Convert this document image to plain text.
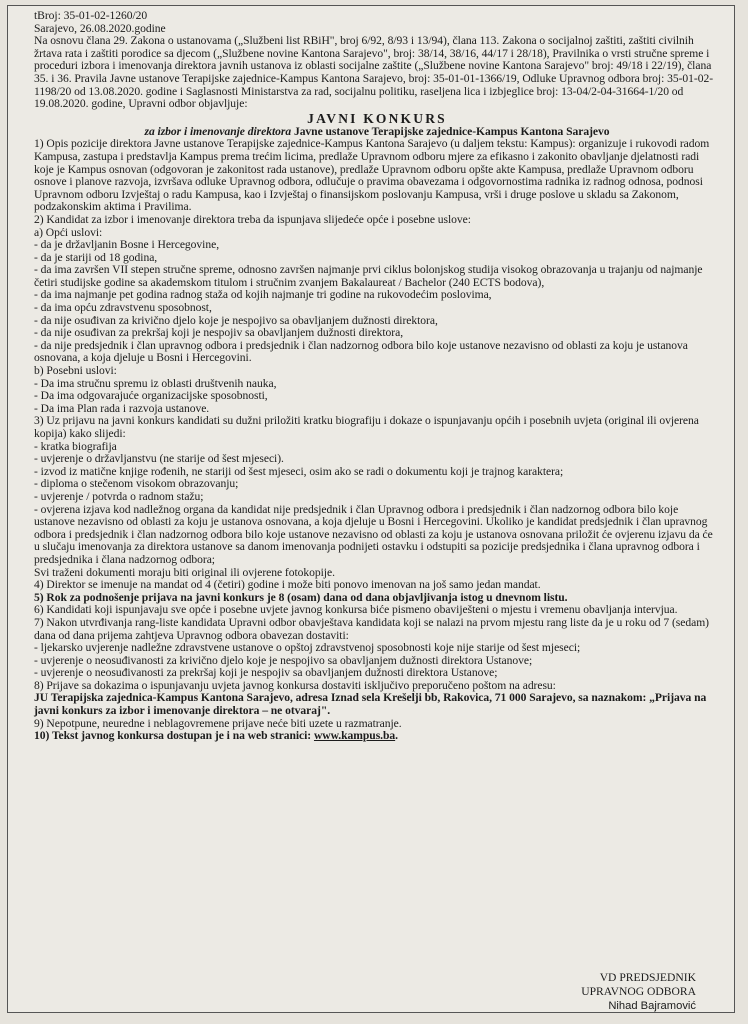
tBroj: 35-01-02-1260/20

Sarajevo, 26.08.2020.godine

Na osnovu člana 29. Zakona o ustanovama („Službeni list RBiH", broj 6/92, 8/93 i 13/94), člana 113. Zakona o socijalnoj zaštiti, zaštiti civilnih žrtava rata i zaštiti porodice sa djecom („Službene novine Kantona Sarajevo", broj: 38/14, 38/16, 44/17 i 28/18), Pravilnika o vrsti stručne spreme i proceduri izbora i imenovanja direktora javnih ustanova iz oblasti socijalne zaštite („Službene novine Kantona Sarajevo" broj: 49/18 i 22/19), člana 35. i 36. Pravila Javne ustanove Terapijske zajednice-Kampus Kantona Sarajevo, broj: 35-01-01-1366/19, Odluke Upravnog odbora broj: 35-01-02-1198/20 od 13.08.2020. godine i Saglasnosti Ministarstva za rad, socijalnu politiku, raseljena lica i izbjeglice broj: 13-04/2-04-31664-1/20 od 19.08.2020. godine, Upravni odbor objavljuje:

JAVNI KONKURS

za izbor i imenovanje direktora Javne ustanove Terapijske zajednice-Kampus Kantona Sarajevo

1) Opis pozicije direktora Javne ustanove Terapijske zajednice-Kampus Kantona Sarajevo (u daljem tekstu: Kampus): organizuje i rukovodi radom Kampusa, zastupa i predstavlja Kampus prema trećim licima, predlaže Upravnom odboru mjere za efikasno i zakonito obavljanje djelatnosti radi koje je Kampus osnovan (odgovoran je zakonitost rada ustanove), predlaže Upravnom odboru opšte akte Kampusa, predlaže Upravnom odboru osnove i planove razvoja, izvršava odluke Upravnog odbora, odlučuje o pravima obavezama i odgovornostima radnika iz radnog odnosa, podnosi Upravnom odboru Izvještaj o radu Kampusa, kao i Izvještaj o finansijskom poslovanju Kampusa, vrši i druge poslove u skladu sa Zakonom, podzakonskim aktima i Pravilima.

2) Kandidat za izbor i imenovanje direktora treba da ispunjava slijedeće opće i posebne uslove:

a) Opći uslovi:

- da je državljanin Bosne i Hercegovine,

- da je stariji od 18 godina,

- da ima završen VII stepen stručne spreme, odnosno završen najmanje prvi ciklus bolonjskog studija visokog obrazovanja u trajanju od najmanje četiri studijske godine sa akademskom titulom i stručnim zvanjem Bakalaureat / Bachelor (240 ECTS bodova),

- da ima najmanje pet godina radnog staža od kojih najmanje tri godine na rukovodećim poslovima,

- da ima opću zdravstvenu sposobnost,

- da nije osuđivan za krivično djelo koje je nespojivo sa obavljanjem dužnosti direktora,

- da nije osuđivan za prekršaj koji je nespojiv sa obavljanjem dužnosti direktora,

- da nije predsjednik i član upravnog odbora i predsjednik i član nadzornog odbora bilo koje ustanove nezavisno od oblasti za koju je ustanova osnovana, a koja djeluje u Bosni i Hercegovini.

b) Posebni uslovi:

- Da ima stručnu spremu iz oblasti društvenih nauka,

- Da ima odgovarajuće organizacijske sposobnosti,

- Da ima Plan rada i razvoja ustanove.

3) Uz prijavu na javni konkurs kandidati su dužni priložiti kratku biografiju i dokaze o ispunjavanju općih i posebnih uvjeta (original ili ovjerena kopija) kako slijedi:

- kratka biografija

- uvjerenje o državljanstvu (ne starije od šest mjeseci).

- izvod iz matične knjige rođenih, ne stariji od šest mjeseci, osim ako se radi o dokumentu koji je trajnog karaktera;

- diploma o stečenom visokom obrazovanju;

- uvjerenje / potvrda o radnom stažu;

- ovjerena izjava kod nadležnog organa da kandidat nije predsjednik i član Upravnog odbora i predsjednik i član nadzornog odbora bilo koje ustanove nezavisno od oblasti za koju je ustanova osnovana, a koja djeluje u Bosni i Hercegovini. Ukoliko je kandidat predsjednik i član upravnog odbora i predsjednik i član nadzornog odbora bilo koje ustanove nezavisno od oblasti za koju je ustanova osnovana priložit će ovjerenu izjavu da će u slučaju imenovanja za direktora ustanove sa danom imenovanja podnijeti ostavku i odstupiti sa pozicije predsjednika i člana upravnog odbora i predsjednika i člana nadzornog odbora;

Svi traženi dokumenti moraju biti original ili ovjerene fotokopije.

4) Direktor se imenuje na mandat od 4 (četiri) godine i može biti ponovo imenovan na još samo jedan mandat.

5) Rok za podnošenje prijava na javni konkurs je 8 (osam) dana od dana objavljivanja istog u dnevnom listu.

6) Kandidati koji ispunjavaju sve opće i posebne uvjete javnog konkursa biće pismeno obaviješteni o mjestu i vremenu obavljanja intervjua.

7) Nakon utvrđivanja rang-liste kandidata Upravni odbor obavještava kandidata koji se nalazi na prvom mjestu rang liste da je u roku od 7 (sedam) dana od dana prijema zahtjeva Upravnog odbora obavezan dostaviti:

- ljekarsko uvjerenje nadležne zdravstvene ustanove o opštoj zdravstvenoj sposobnosti koje nije starije od šest mjeseci;

- uvjerenje o neosuđivanosti za krivično djelo koje je nespojivo sa obavljanjem dužnosti direktora Ustanove;

- uvjerenje o neosuđivanosti za prekršaj koji je nespojiv sa obavljanjem dužnosti direktora Ustanove;

8) Prijave sa dokazima o ispunjavanju uvjeta javnog konkursa dostaviti isključivo preporučeno poštom na adresu:

JU Terapijska zajednica-Kampus Kantona Sarajevo, adresa Iznad sela Krešelji bb, Rakovica, 71 000 Sarajevo, sa naznakom: „Prijava na javni konkurs za izbor i imenovanje direktora – ne otvaraj".

9) Nepotpune, neuredne i neblagovremene prijave neće biti uzete u razmatranje.

10) Tekst javnog konkursa dostupan je i na web stranici: www.kampus.ba.

VD PREDSJEDNIK
UPRAVNOG ODBORA
Nihad Bajramović
